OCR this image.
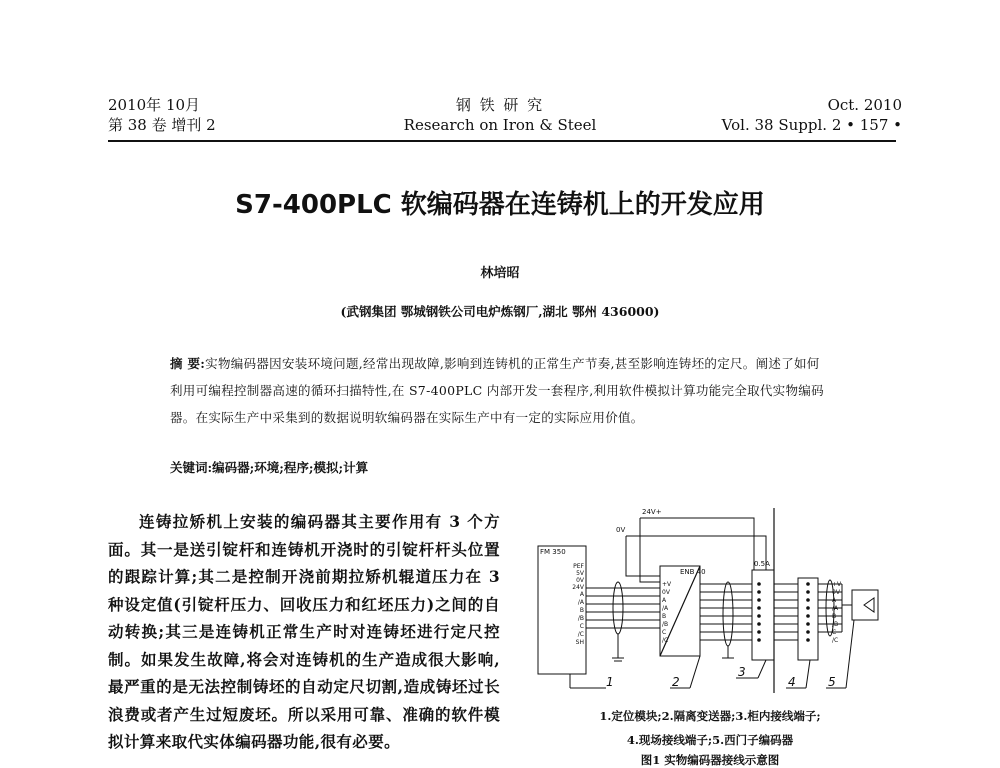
2010年 10月
第 38 卷 增刊 2
钢 铁 研 究
Research on Iron & Steel
Oct. 2010
Vol. 38 Suppl. 2 • 157 •
S7-400PLC 软编码器在连铸机上的开发应用
林培昭
(武钢集团 鄂城钢铁公司电炉炼钢厂,湖北 鄂州 436000)
摘 要:实物编码器因安装环境问题,经常出现故障,影响到连铸机的正常生产节奏,甚至影响连铸坯的定尺。阐述了如何利用可编程控制器高速的循环扫描特性,在 S7-400PLC 内部开发一套程序,利用软件模拟计算功能完全取代实物编码器。在实际生产中采集到的数据说明软编码器在实际生产中有一定的实际应用价值。
关键词:编码器;环境;程序;模拟;计算

连铸拉矫机上安装的编码器其主要作用有 3 个方面。其一是送引锭杆和连铸机开浇时的引锭杆杆头位置的跟踪计算;其二是控制开浇前期拉矫机辊道压力在 3 种设定值(引锭杆压力、回收压力和红坯压力)之间的自动转换;其三是连铸机正常生产时对连铸坯进行定尺控制。如果发生故障,将会对连铸机的生产造成很大影响,最严重的是无法控制铸坯的自动定尺切割,造成铸坯过长浪费或者产生过短废坯。所以采用可靠、准确的软件模拟计算来取代实体编码器功能,很有必要。

24V+
0V
FM 350
ENB 40
0.5A
PEF
5V
0V
24V
A
/A
B
/B
C
/C
SH
+V
0V
A
/A
B
/B
C
/C
+V
0V
A
/A
B
/B
C
/C
1	2
3
4	5
1.定位模块;2.隔离变送器;3.柜内接线端子;
4.现场接线端子;5.西门子编码器
图1 实物编码器接线示意图
